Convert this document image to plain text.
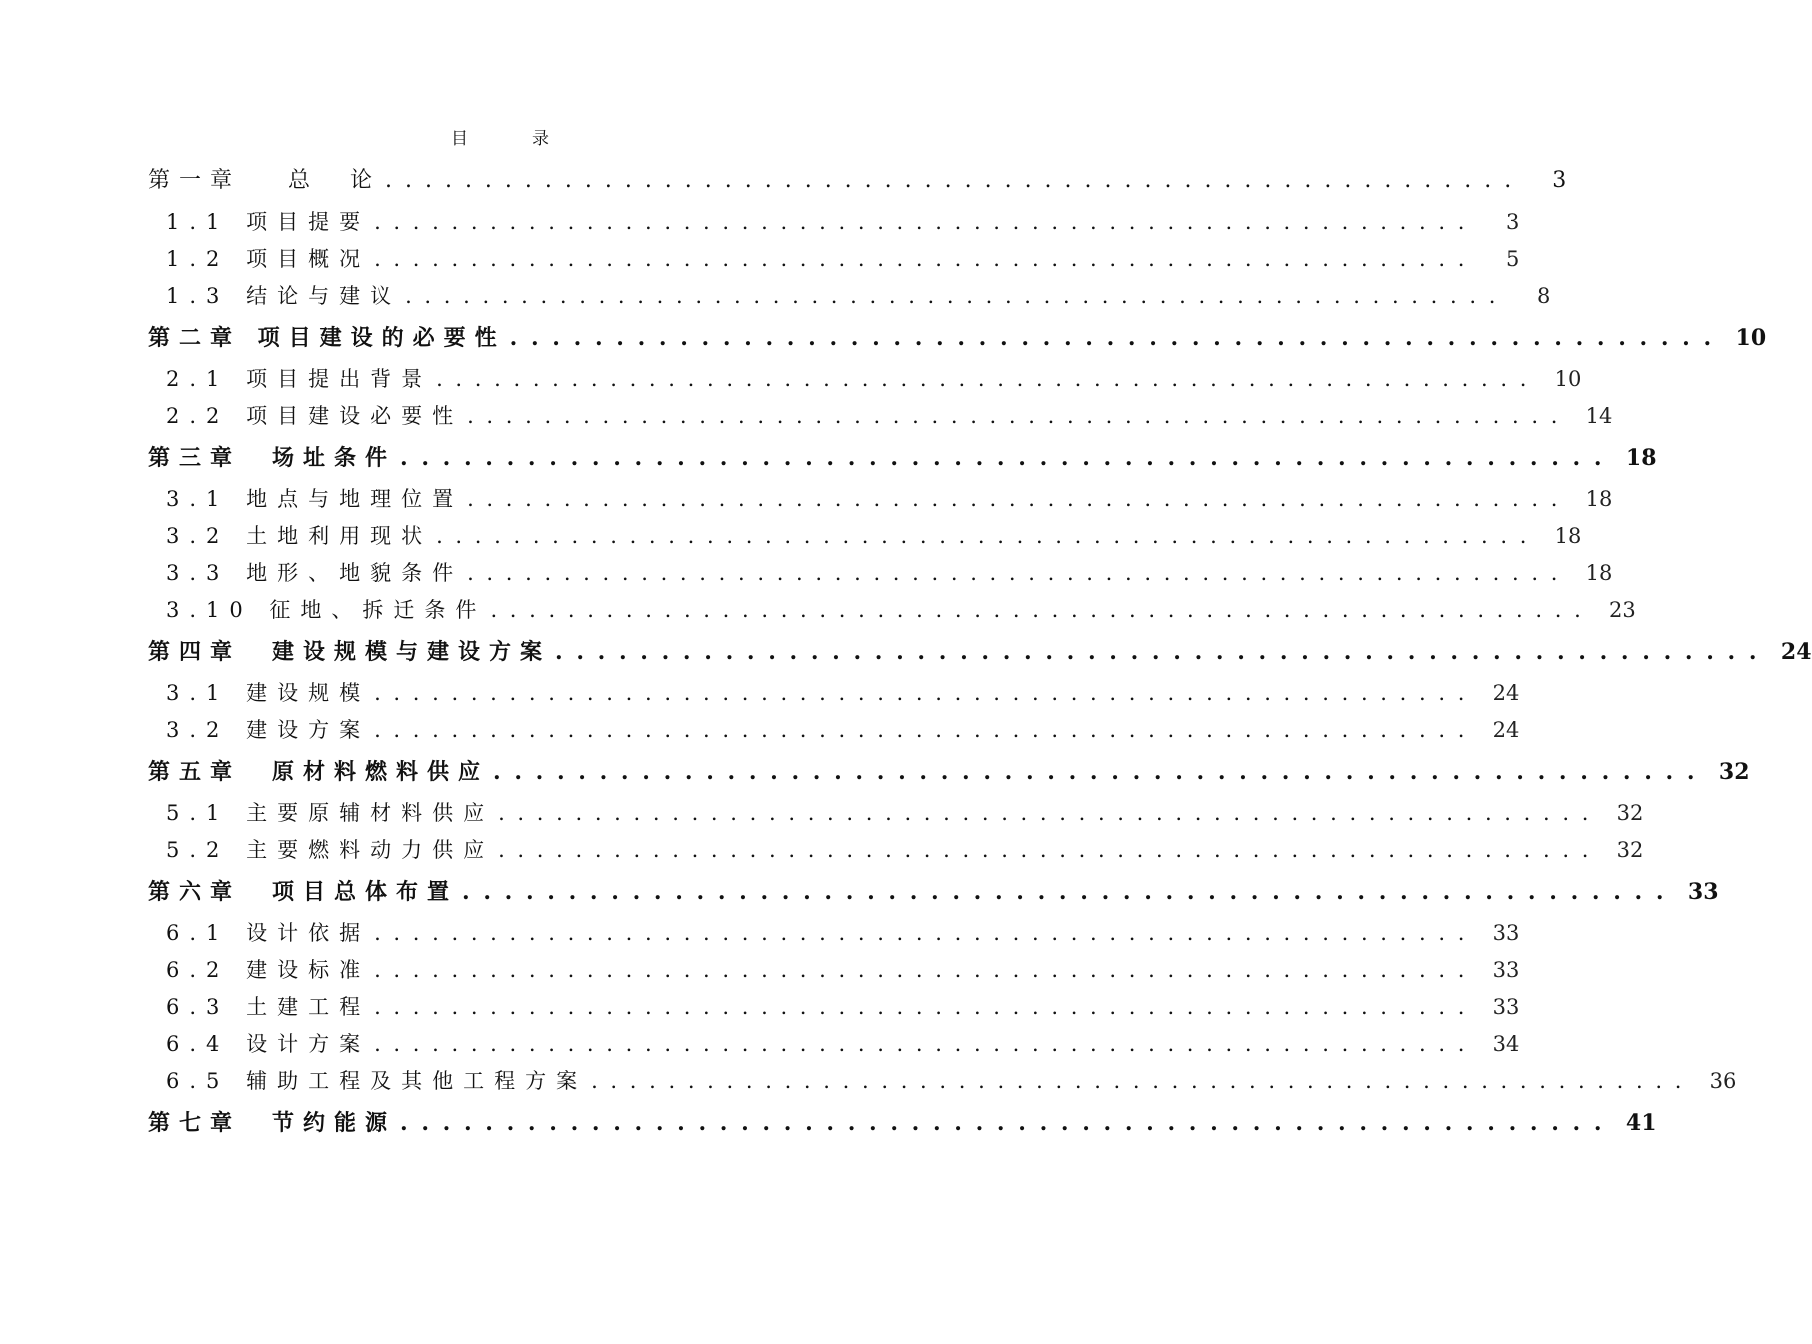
目	录
第一章　 总　论 . . . . . . . . . . . . . . . . . . . . . . . . . . . . . . . . . . . . . . . . . . . . . . . . . . . . . . . . .	3
1.1 项目提要 . . . . . . . . . . . . . . . . . . . . . . . . . . . . . . . . . . . . . . . . . . . . . . . . . . . . . . . . .	3
1.2 项目概况 . . . . . . . . . . . . . . . . . . . . . . . . . . . . . . . . . . . . . . . . . . . . . . . . . . . . . . . . .	5
1.3 结论与建议 . . . . . . . . . . . . . . . . . . . . . . . . . . . . . . . . . . . . . . . . . . . . . . . . . . . . . . . . .	8
第二章 项目建设的必要性 . . . . . . . . . . . . . . . . . . . . . . . . . . . . . . . . . . . . . . . . . . . . . . . . . . . . . . . . . 10
2.1 项目提出背景 . . . . . . . . . . . . . . . . . . . . . . . . . . . . . . . . . . . . . . . . . . . . . . . . . . . . . . . . .	10
2.2 项目建设必要性 . . . . . . . . . . . . . . . . . . . . . . . . . . . . . . . . . . . . . . . . . . . . . . . . . . . . . . . . .	14
第三章　场址条件 . . . . . . . . . . . . . . . . . . . . . . . . . . . . . . . . . . . . . . . . . . . . . . . . . . . . . . . . . 18
3.1 地点与地理位置 . . . . . . . . . . . . . . . . . . . . . . . . . . . . . . . . . . . . . . . . . . . . . . . . . . . . . . . . .	18
3.2 土地利用现状 . . . . . . . . . . . . . . . . . . . . . . . . . . . . . . . . . . . . . . . . . . . . . . . . . . . . . . . . .	18
3.3 地形、地貌条件 . . . . . . . . . . . . . . . . . . . . . . . . . . . . . . . . . . . . . . . . . . . . . . . . . . . . . . . . .	18
3.10 征地、拆迁条件 . . . . . . . . . . . . . . . . . . . . . . . . . . . . . . . . . . . . . . . . . . . . . . . . . . . . . . . . .	23
第四章　建设规模与建设方案 . . . . . . . . . . . . . . . . . . . . . . . . . . . . . . . . . . . . . . . . . . . . . . . . . . . . . . . . . 24
3.1 建设规模 . . . . . . . . . . . . . . . . . . . . . . . . . . . . . . . . . . . . . . . . . . . . . . . . . . . . . . . . .	24
3.2 建设方案 . . . . . . . . . . . . . . . . . . . . . . . . . . . . . . . . . . . . . . . . . . . . . . . . . . . . . . . . .	24
第五章　原材料燃料供应 . . . . . . . . . . . . . . . . . . . . . . . . . . . . . . . . . . . . . . . . . . . . . . . . . . . . . . . . . 32
5.1 主要原辅材料供应 . . . . . . . . . . . . . . . . . . . . . . . . . . . . . . . . . . . . . . . . . . . . . . . . . . . . . . . . .	32
5.2 主要燃料动力供应 . . . . . . . . . . . . . . . . . . . . . . . . . . . . . . . . . . . . . . . . . . . . . . . . . . . . . . . . .	32
第六章　项目总体布置 . . . . . . . . . . . . . . . . . . . . . . . . . . . . . . . . . . . . . . . . . . . . . . . . . . . . . . . . . 33
6.1 设计依据 . . . . . . . . . . . . . . . . . . . . . . . . . . . . . . . . . . . . . . . . . . . . . . . . . . . . . . . . .	33
6.2 建设标准 . . . . . . . . . . . . . . . . . . . . . . . . . . . . . . . . . . . . . . . . . . . . . . . . . . . . . . . . .	33
6.3 土建工程 . . . . . . . . . . . . . . . . . . . . . . . . . . . . . . . . . . . . . . . . . . . . . . . . . . . . . . . . .	33
6.4 设计方案 . . . . . . . . . . . . . . . . . . . . . . . . . . . . . . . . . . . . . . . . . . . . . . . . . . . . . . . . .	34
6.5 辅助工程及其他工程方案 . . . . . . . . . . . . . . . . . . . . . . . . . . . . . . . . . . . . . . . . . . . . . . . . . . . . . . . . .	36
第七章　节约能源 . . . . . . . . . . . . . . . . . . . . . . . . . . . . . . . . . . . . . . . . . . . . . . . . . . . . . . . . . 41
